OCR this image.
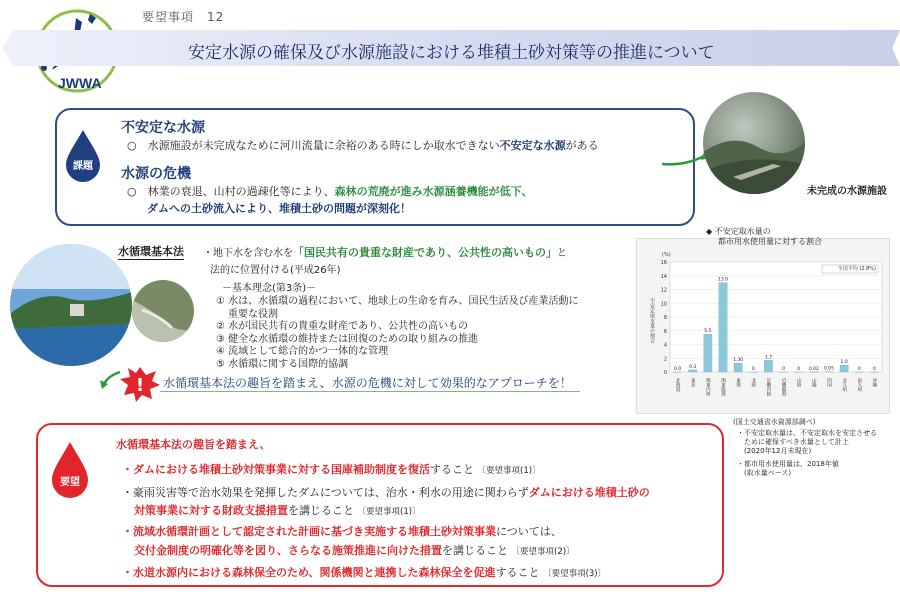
JWWA
要望事項　12
安定水源の確保及び水源施設における堆積土砂対策等の推進について
課題
不安定な水源
○　水源施設が未完成なために河川流量に余裕のある時にしか取水できない不安定な水源がある
水源の危機
○　林業の衰退、山村の過疎化等により、森林の荒廃が進み水源涵養機能が低下、
ダムへの土砂流入により、堆積土砂の問題が深刻化！
未完成の水源施設
水循環基本法 ・地下水を含む水を「国民共有の貴重な財産であり、公共性の高いもの」と
法的に位置付ける(平成26年)
－基本理念(第3条)－
① 水は、水循環の過程において、地球上の生命を育み、国民生活及び産業活動に
重要な役割
② 水が国民共有の貴重な財産であり、公共性の高いもの
③ 健全な水循環の維持または回復のための取り組みの推進
④ 流域として総合的かつ一体的な管理
⑤ 水循環に関する国際的協調
! 水循環基本法の趣旨を踏まえ、水源の危機に対して効果的なアプローチを！
◆ 不安定取水量の
都市用水使用量に対する割合
0
2
4
6
8
10
12
14
16
(%)
不安定取水量の割合
全国平均 (2.8%)
0.0
北海道
0.3
東北
5.5
関東内陸
13.0
関東臨海
1.30
東海
0
北陸
1.7
近畿内陸
0
近畿臨海
0
山陰
0.02
山陽
0.05
四国
1.0
北九州
0
南九州
0
沖縄
(国土交通省水資源部調べ)
・不安定取水量は、不安定取水を安定させる
　ために確保すべき水量として計上
　(2020年12月末現在)
・都市用水使用量は、2018年値
　(取水量ベース)
要望
水循環基本法の趣旨を踏まえ、
・ダムにおける堆積土砂対策事業に対する国庫補助制度を復活すること 〔要望事項(1)〕
・豪雨災害等で治水効果を発揮したダムについては、治水・利水の用途に関わらずダムにおける堆積土砂の
対策事業に対する財政支援措置を講じること 〔要望事項(1)〕
・流域水循環計画として認定された計画に基づき実施する堆積土砂対策事業については、
交付金制度の明確化等を図り、さらなる施策推進に向けた措置を講じること 〔要望事項(2)〕
・水道水源内における森林保全のため、関係機関と連携した森林保全を促進すること 〔要望事項(3)〕
